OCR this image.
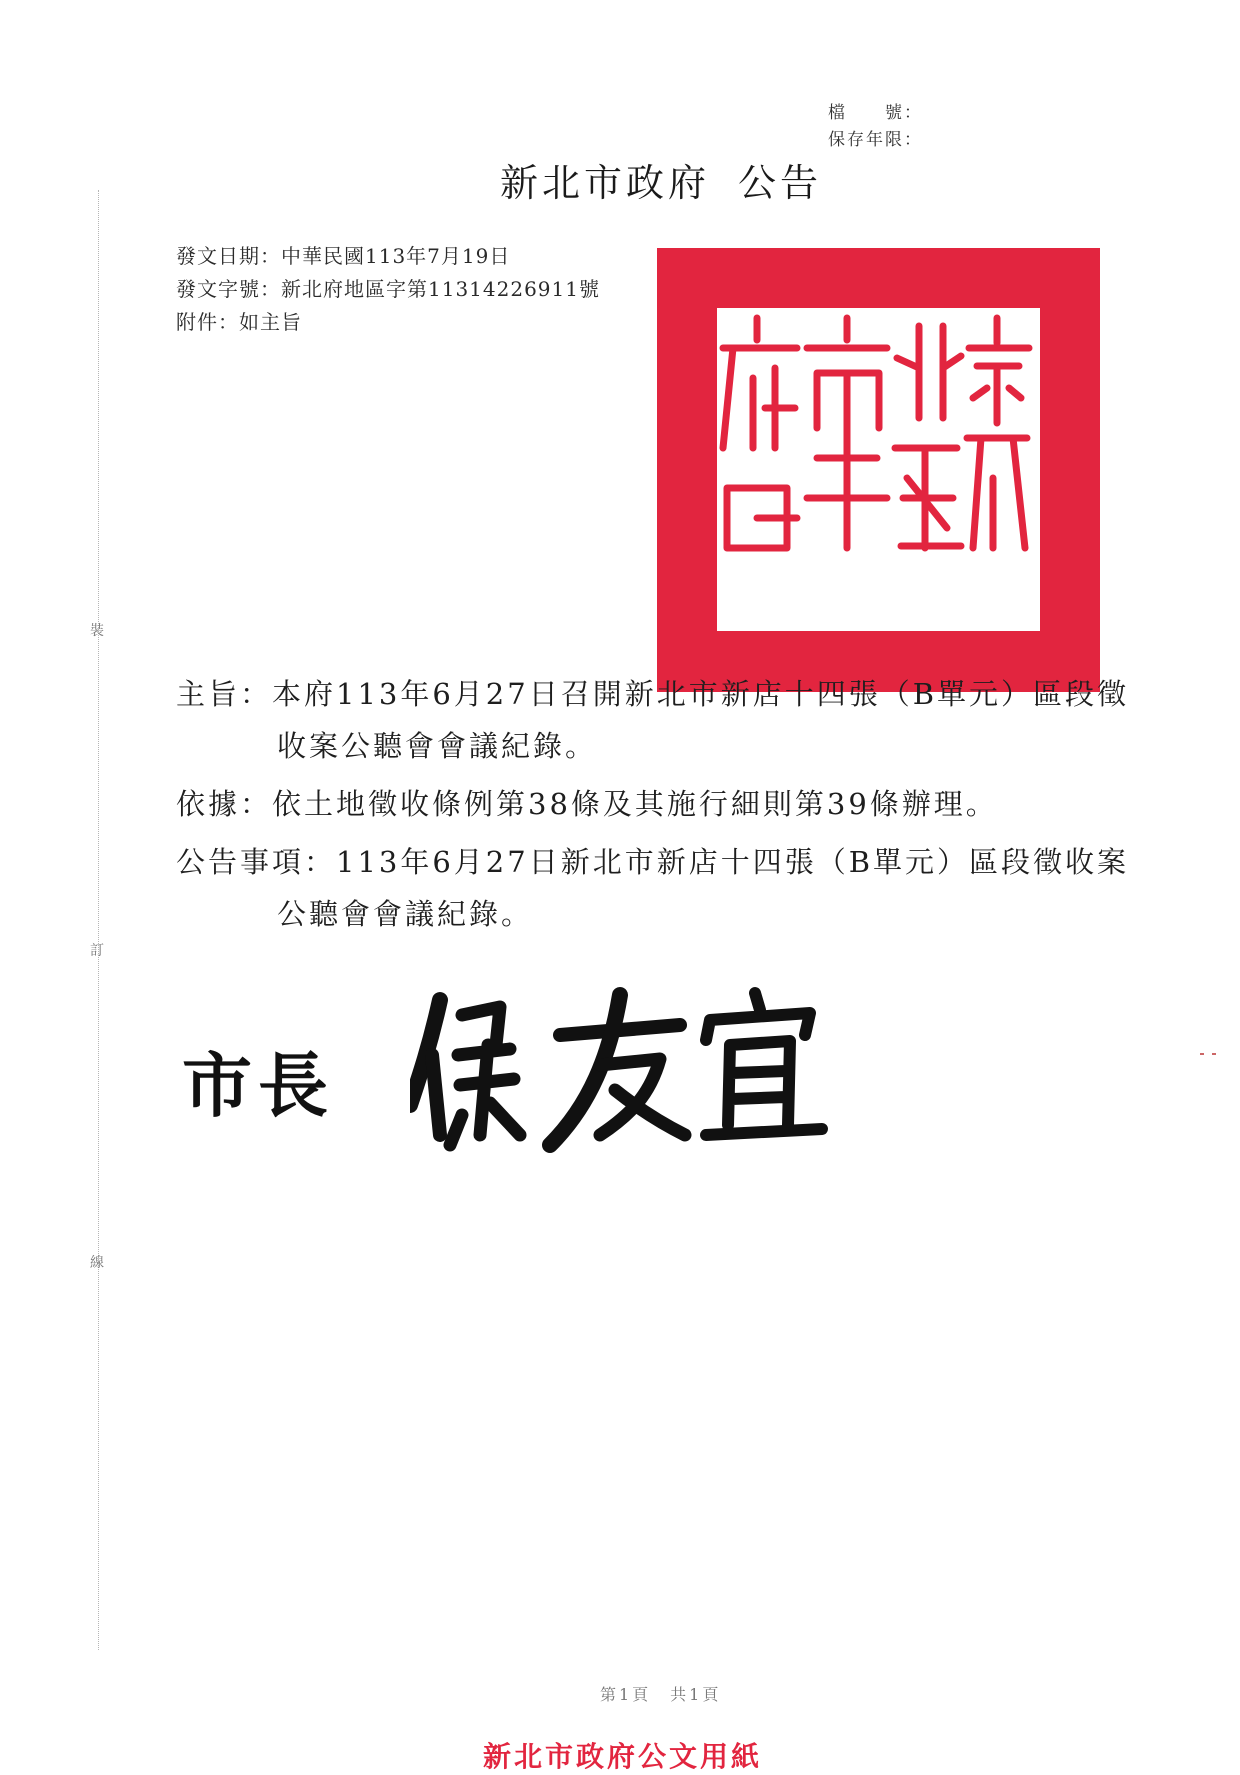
裝
訂
線
檔　　號：
保存年限：
新北市政府 公告
發文日期：中華民國113年7月19日
發文字號：新北府地區字第11314226911號
附件：如主旨
主旨：本府113年6月27日召開新北市新店十四張（B單元）區段徵
收案公聽會會議紀錄。
依據：依土地徵收條例第38條及其施行細則第39條辦理。
公告事項：113年6月27日新北市新店十四張（B單元）區段徵收案
公聽會會議紀錄。
市長
第1頁　共1頁
新北市政府公文用紙
